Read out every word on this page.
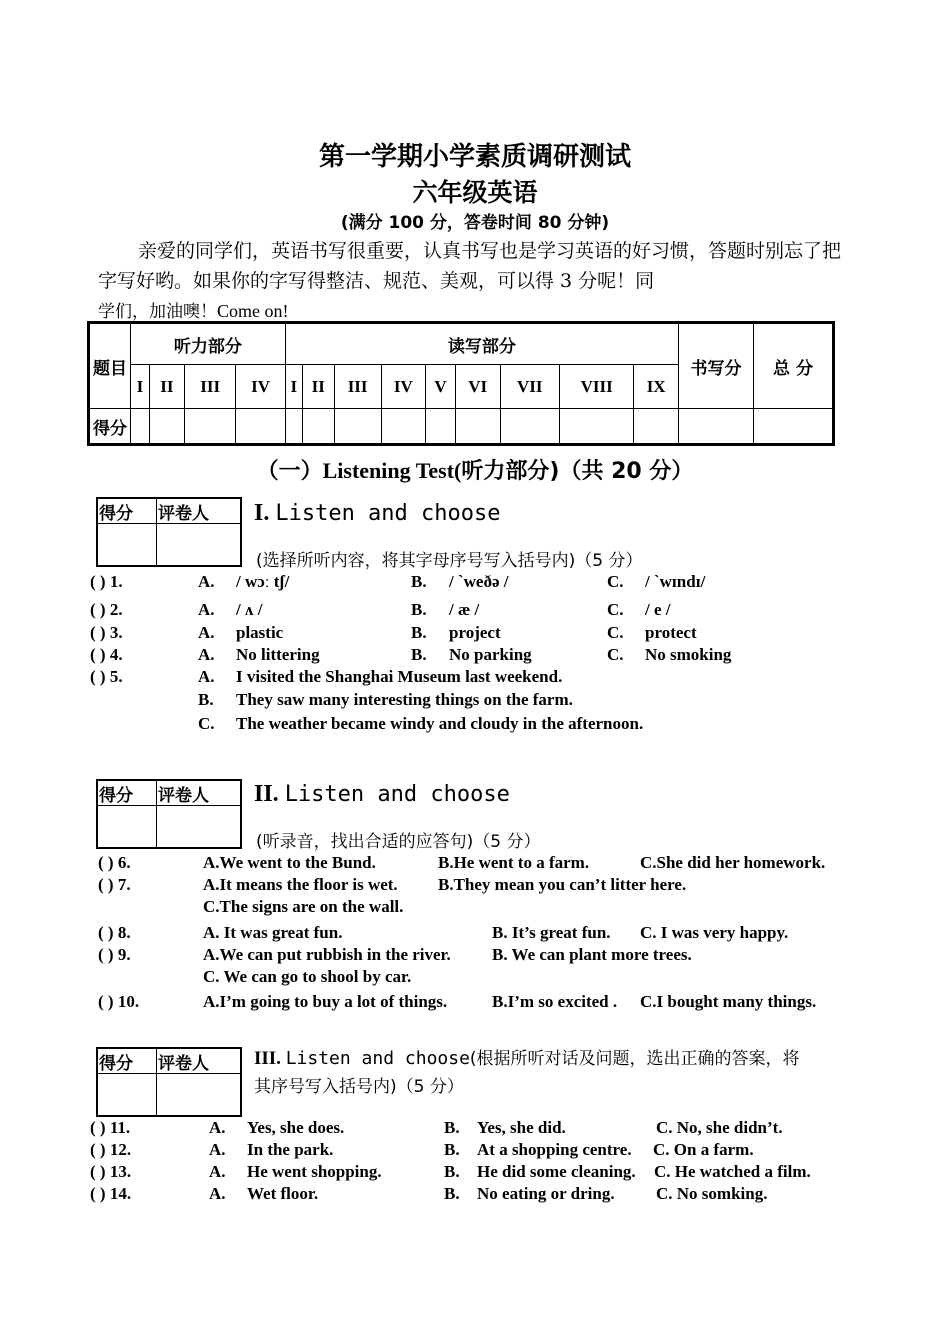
第一学期小学素质调研测试
六年级英语
(满分 100 分，答卷时间 80 分钟)
亲爱的同学们，英语书写很重要，认真书写也是学习英语的好习惯，答题时别忘了把字写好哟。如果你的字写得整洁、规范、美观，可以得 3 分呢！同
学们，加油噢！Come on!
题目	听力部分				读写部分									书写分	总 分
	I	II	III	IV	I	II	III	IV	V	VI	VII	VIII	IX		
得分															
（一）Listening Test(听力部分)（共 20 分）
得分 评卷人 I. Listen and choose
(选择所听内容，将其字母序号写入括号内)（5 分）
( ) 1.	A. / wɔː tʃ/	B. / `weðə /	C. / `wɪndɪ/
( ) 2.	A. / ʌ /	B. / æ /	C. / e /
( ) 3.	A. plastic	B. project	C. protect
( ) 4.	A. No littering	B. No parking	C. No smoking
( ) 5.	A. I visited the Shanghai Museum last weekend.
B. They saw many interesting things on the farm.
C. The weather became windy and cloudy in the afternoon.
得分 评卷人 II. Listen and choose
(听录音，找出合适的应答句)（5 分）
( ) 6.	A.We went to the Bund.	B.He went to a farm.	C.She did her homework.
( ) 7.	A.It means the floor is wet. B.They mean you can’t litter here.
C.The signs are on the wall.
( ) 8.	A. It was great fun.	B. It’s great fun. C. I was very happy.
( ) 9.	A.We can put rubbish in the river. B. We can plant more trees.
C. We can go to shool by car.
( ) 10.	A.I’m going to buy a lot of things.	B.I’m so excited . C.I bought many things.
得分 评卷人 III. Listen and choose(根据所听对话及问题，选出正确的答案，将
其序号写入括号内)（5 分）
( ) 11.	A. Yes, she does.	B. Yes, she did.	C. No, she didn’t.
( ) 12.	A. In the park.	B. At a shopping centre. C. On a farm.
( ) 13.	A. He went shopping.	B. He did some cleaning. C. He watched a film.
( ) 14.	A. Wet floor.	B. No eating or dring. C. No somking.
